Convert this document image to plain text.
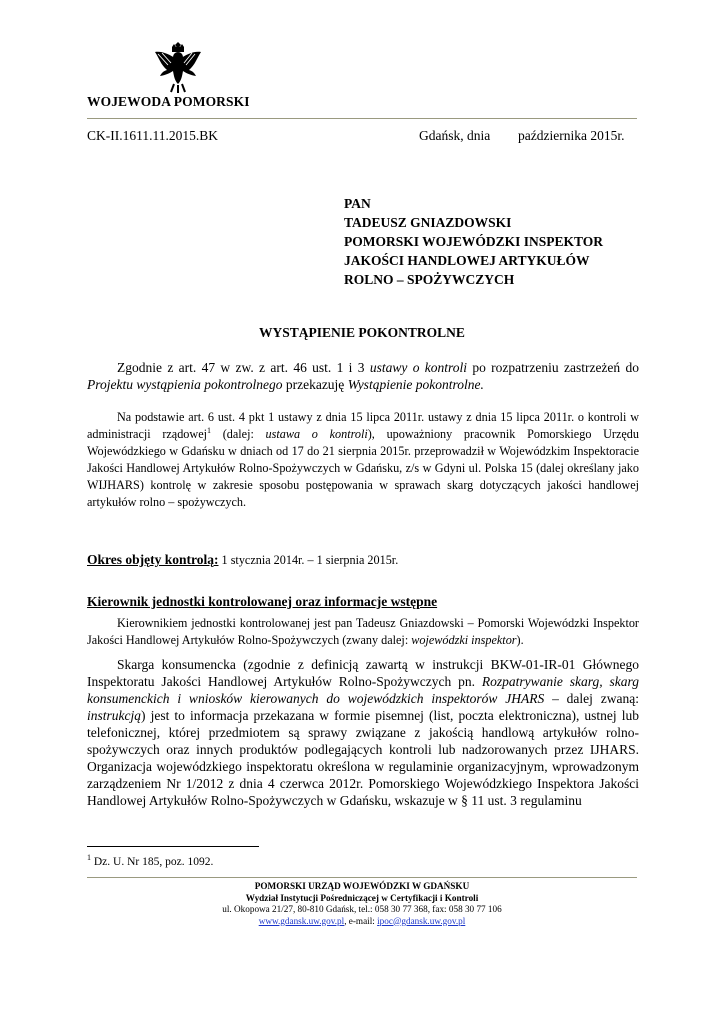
WOJEWODA POMORSKI
CK-II.1611.11.2015.BK	Gdańsk, dnia października 2015r.
PAN
TADEUSZ GNIAZDOWSKI
POMORSKI WOJEWÓDZKI INSPEKTOR
JAKOŚCI HANDLOWEJ ARTYKUŁÓW
ROLNO – SPOŻYWCZYCH
WYSTĄPIENIE POKONTROLNE
Zgodnie z art. 47 w zw. z art. 46 ust. 1 i 3 ustawy o kontroli po rozpatrzeniu zastrzeżeń do Projektu wystąpienia pokontrolnego przekazuję Wystąpienie pokontrolne.
Na podstawie art. 6 ust. 4 pkt 1 ustawy z dnia 15 lipca 2011r. ustawy z dnia 15 lipca 2011r. o kontroli w administracji rządowej$^1$ (dalej: ustawa o kontroli), upoważniony pracownik Pomorskiego Urzędu Wojewódzkiego w Gdańsku w dniach od 17 do 21 sierpnia 2015r. przeprowadził w Wojewódzkim Inspektoracie Jakości Handlowej Artykułów Rolno-Spożywczych w Gdańsku, z/s w Gdyni ul. Polska 15 (dalej określany jako WIJHARS) kontrolę w zakresie sposobu postępowania w sprawach skarg dotyczących jakości handlowej artykułów rolno – spożywczych.
Okres objęty kontrolą: 1 stycznia 2014r. – 1 sierpnia 2015r.
Kierownik jednostki kontrolowanej oraz informacje wstępne
Kierownikiem jednostki kontrolowanej jest pan Tadeusz Gniazdowski – Pomorski Wojewódzki Inspektor Jakości Handlowej Artykułów Rolno-Spożywczych (zwany dalej: wojewódzki inspektor).
Skarga konsumencka (zgodnie z definicją zawartą w instrukcji BKW-01-IR-01 Głównego Inspektoratu Jakości Handlowej Artykułów Rolno-Spożywczych pn. Rozpatrywanie skarg, skarg konsumenckich i wniosków kierowanych do wojewódzkich inspektorów JHARS – dalej zwaną: instrukcją) jest to informacja przekazana w formie pisemnej (list, poczta elektroniczna), ustnej lub telefonicznej, której przedmiotem są sprawy związane z jakością handlową artykułów rolno-spożywczych oraz innych produktów podlegających kontroli lub nadzorowanych przez IJHARS. Organizacja wojewódzkiego inspektoratu określona w regulaminie organizacyjnym, wprowadzonym zarządzeniem Nr 1/2012 z dnia 4 czerwca 2012r. Pomorskiego Wojewódzkiego Inspektora Jakości Handlowej Artykułów Rolno-Spożywczych w Gdańsku, wskazuje w § 11 ust. 3 regulaminu
$^1$ Dz. U. Nr 185, poz. 1092.
POMORSKI URZĄD WOJEWÓDZKI W GDAŃSKU
Wydział Instytucji Pośredniczącej w Certyfikacji i Kontroli
ul. Okopowa 21/27, 80-810 Gdańsk, tel.: 058 30 77 368, fax: 058 30 77 106
www.gdansk.uw.gov.pl, e-mail: ipoc@gdansk.uw.gov.pl
